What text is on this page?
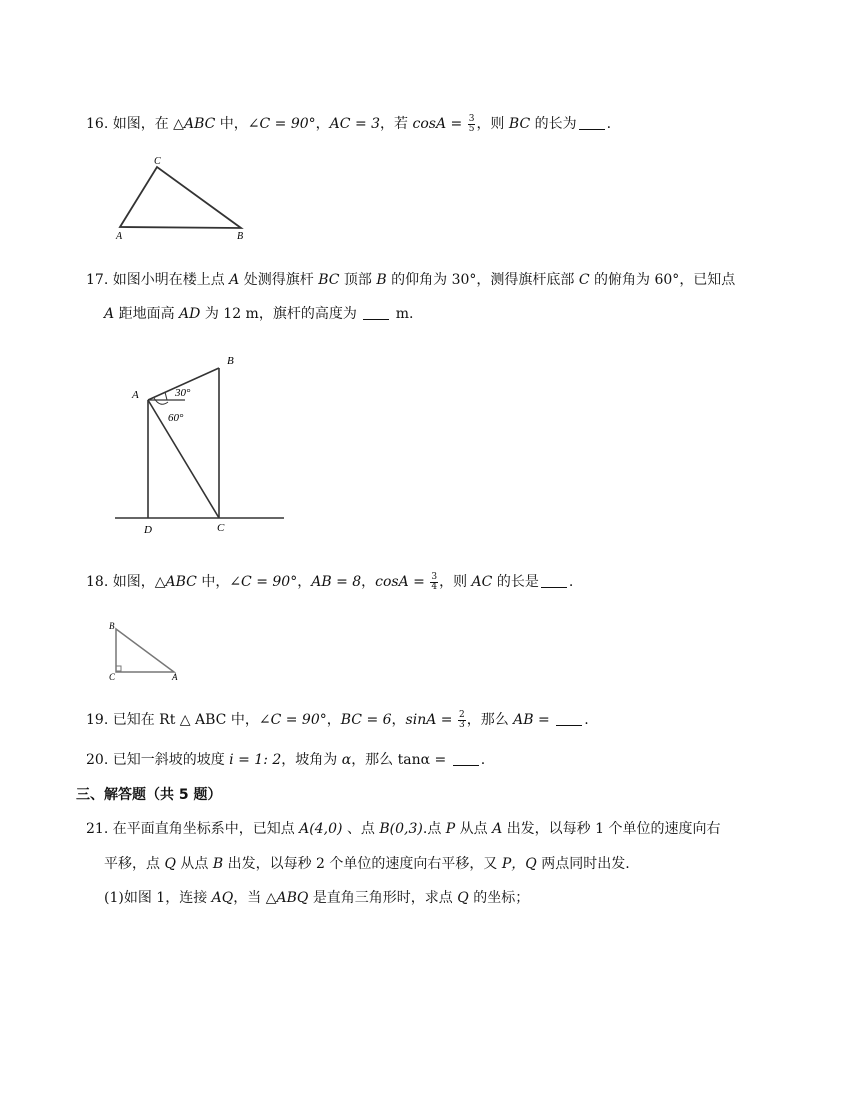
16. 如图，在 △ABC 中，∠C = 90°，AC = 3，若 $\cos A = \frac{3}{5}$ ，则 BC 的长为 .
A	B
C
17. 如图小明在楼上点 A 处测得旗杆 BC 顶部 B 的仰角为 30°，测得旗杆底部 C 的俯角为 60°，已知点
A 距地面高 AD 为 12 m，旗杆的高度为	m.
A
B
C
D
30°
60°
18. 如图，△ABC 中，∠C = 90°，AB = 8，$\cos A = \frac{3}{4}$ ，则 AC 的长是 .
B
C	A
19. 已知在 Rt △ ABC 中，∠C = 90°，BC = 6，$\sin A = \frac{2}{3}$ ，那么 AB = .
20. 已知一斜坡的坡度 i = 1: 2，坡角为 α，那么 tanα = .
三、解答题（共 5 题）
21. 在平面直角坐标系中，已知点 A(4,0) 、点 B(0,3).点 P 从点 A 出发，以每秒 1 个单位的速度向右
平移，点 Q 从点 B 出发，以每秒 2 个单位的速度向右平移，又 P，Q 两点同时出发.
(1)如图 1，连接 AQ，当 △ABQ 是直角三角形时，求点 Q 的坐标；
